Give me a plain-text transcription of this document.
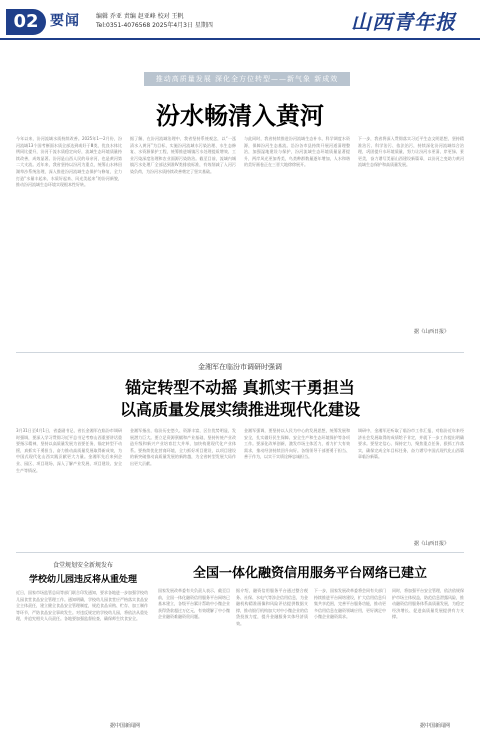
02 要闻	编辑 乔亚 责编 赵亚峰 校对 王帆
Tel:0351-4076568 2025年4月3日 星期四	山西青年报
推动高质量发展 深化全方位转型——新气象 新成效
汾水畅清入黄河

今年以来，汾河流域水质持续改善。2025年1—2月份，汾河流域13个国考断面水质全部达到或好于Ⅲ类，优良水体比例同比提升，汾河干流水质稳定向好，流域生态环境质量持续改善，成效显著。汾河是山西人民的母亲河，也是黄河第二大支流。近年来，我省坚持以汾河为重点，统筹山水林田湖草沙系统治理，深入推进汾河流域生态保护与修复，全力打造“水量丰起来、水质好起来、风光美起来”的汾河新貌，推动汾河流域生态环境实现根本性好转。

据了解，在汾河流域治理中，我省坚持系统观念，以“一泓清水入黄河”为目标，实施汾河流域水污染治理、水生态修复、水资源保护工程，统筹推进城镇污水处理提质增效、工业污染深度治理和农业面源污染防治。截至目前，流域内城镇污水处理厂全部达到准Ⅳ类排放标准，有效削减了入河污染负荷，为汾河水质持续改善奠定了坚实基础。

与此同时，我省持续推进汾河流域生态补水，科学调度水资源，保障汾河生态基流。沿汾各市县持续开展河道清理整治，加强湿地建设与保护，汾河流域生态环境质量显著提升，两岸风光更加秀美，鸟类种群数量逐年增加，人水和谐的美好画卷正在三晋大地徐徐展开。

下一步，我省将深入贯彻落实习近平生态文明思想，坚持精准治污、科学治污、依法治污，持续深化汾河流域综合治理，巩固提升水环境质量，努力让汾河水更清、岸更绿、景更美，奋力谱写美丽山西建设新篇章，以汾河之变助力黄河流域生态保护和高质量发展。

据《山西日报》
金湘军在临汾市调研时强调
锚定转型不动摇 真抓实干勇担当
以高质量发展实绩推进现代化建设

3月31日至4月1日，省委副书记、省长金湘军在临汾市调研时强调，要深入学习贯彻习近平总书记考察山西重要讲话重要指示精神，坚持以高质量发展为首要任务，锚定转型不动摇，真抓实干勇担当，奋力推动高质量发展取得新成效，为中国式现代化山西实践贡献更大力量。金湘军先后来到企业、园区、项目现场，深入了解产业发展、项目建设、安全生产等情况。

金湘军指出，临汾历史悠久、资源丰富，区位优势明显，发展潜力巨大。要立足资源禀赋和产业基础，坚持传统产业改造升级和新兴产业培育壮大并举，加快构建现代化产业体系。要持续优化营商环境，全力抓好项目建设，以项目建设的新突破推动高质量发展的新跨越，为全省转型发展大局作出更大贡献。

金湘军强调，要坚持以人民为中心的发展思想，统筹发展和安全，扎实做好民生保障、安全生产和生态环境保护等各项工作。要深化改革创新，激发市场主体活力，着力扩大有效需求，推动经济持续回升向好。各级领导干部要勇于担当、善于作为，以实干实绩诠释忠诚担当。

调研中，金湘军还听取了临汾市工作汇报，对临汾近年来经济社会发展取得的成绩给予肯定，并就下一步工作提出明确要求。要坚定信心、保持定力，聚焦重点任务，狠抓工作落实，确保完成全年目标任务，奋力谱写中国式现代化山西篇章临汾新篇。

据《山西日报》
食堂规划安全新规发布
学校幼儿园违反将从重处理

近日，国家市场监管总局等部门联合印发通知，要求各地进一步加强学校幼儿园食堂食品安全管理工作。通知明确，学校幼儿园食堂应严格落实食品安全主体责任，建立健全食品安全管理制度，规范食品采购、贮存、加工制作等环节，严防食品安全事故发生。对违反规定的学校幼儿园，将依法从重处理，并追究相关人员责任。各地要加强监督检查，确保师生饮食安全。

据中国新闻网
全国一体化融资信用服务平台网络已建立

国家发展改革委有关负责人表示，截至目前，全国一体化融资信用服务平台网络已基本建立，各级平台累计帮助中小微企业获得贷款超过万亿元，有效缓解了中小微企业融资难融资贵问题。

据介绍，融资信用服务平台通过整合税务、社保、水电气等涉企信用信息，为金融机构精准画像和风险评估提供数据支撑，推动银行机构加大对中小微企业的信贷投放力度，提升金融服务实体经济质效。

下一步，国家发展改革委将会同有关部门持续推进平台网络建设，扩大信用信息归集共享范围，完善平台服务功能，推动更多信用信息在融资领域应用，更好满足中小微企业融资需求。

同时，将加强平台安全管理，依法依规保护市场主体权益，防范信息泄露风险，推动融资信用服务体系高质量发展，为稳定经济增长、促进高质量发展提供有力支撑。

据中国新闻网
